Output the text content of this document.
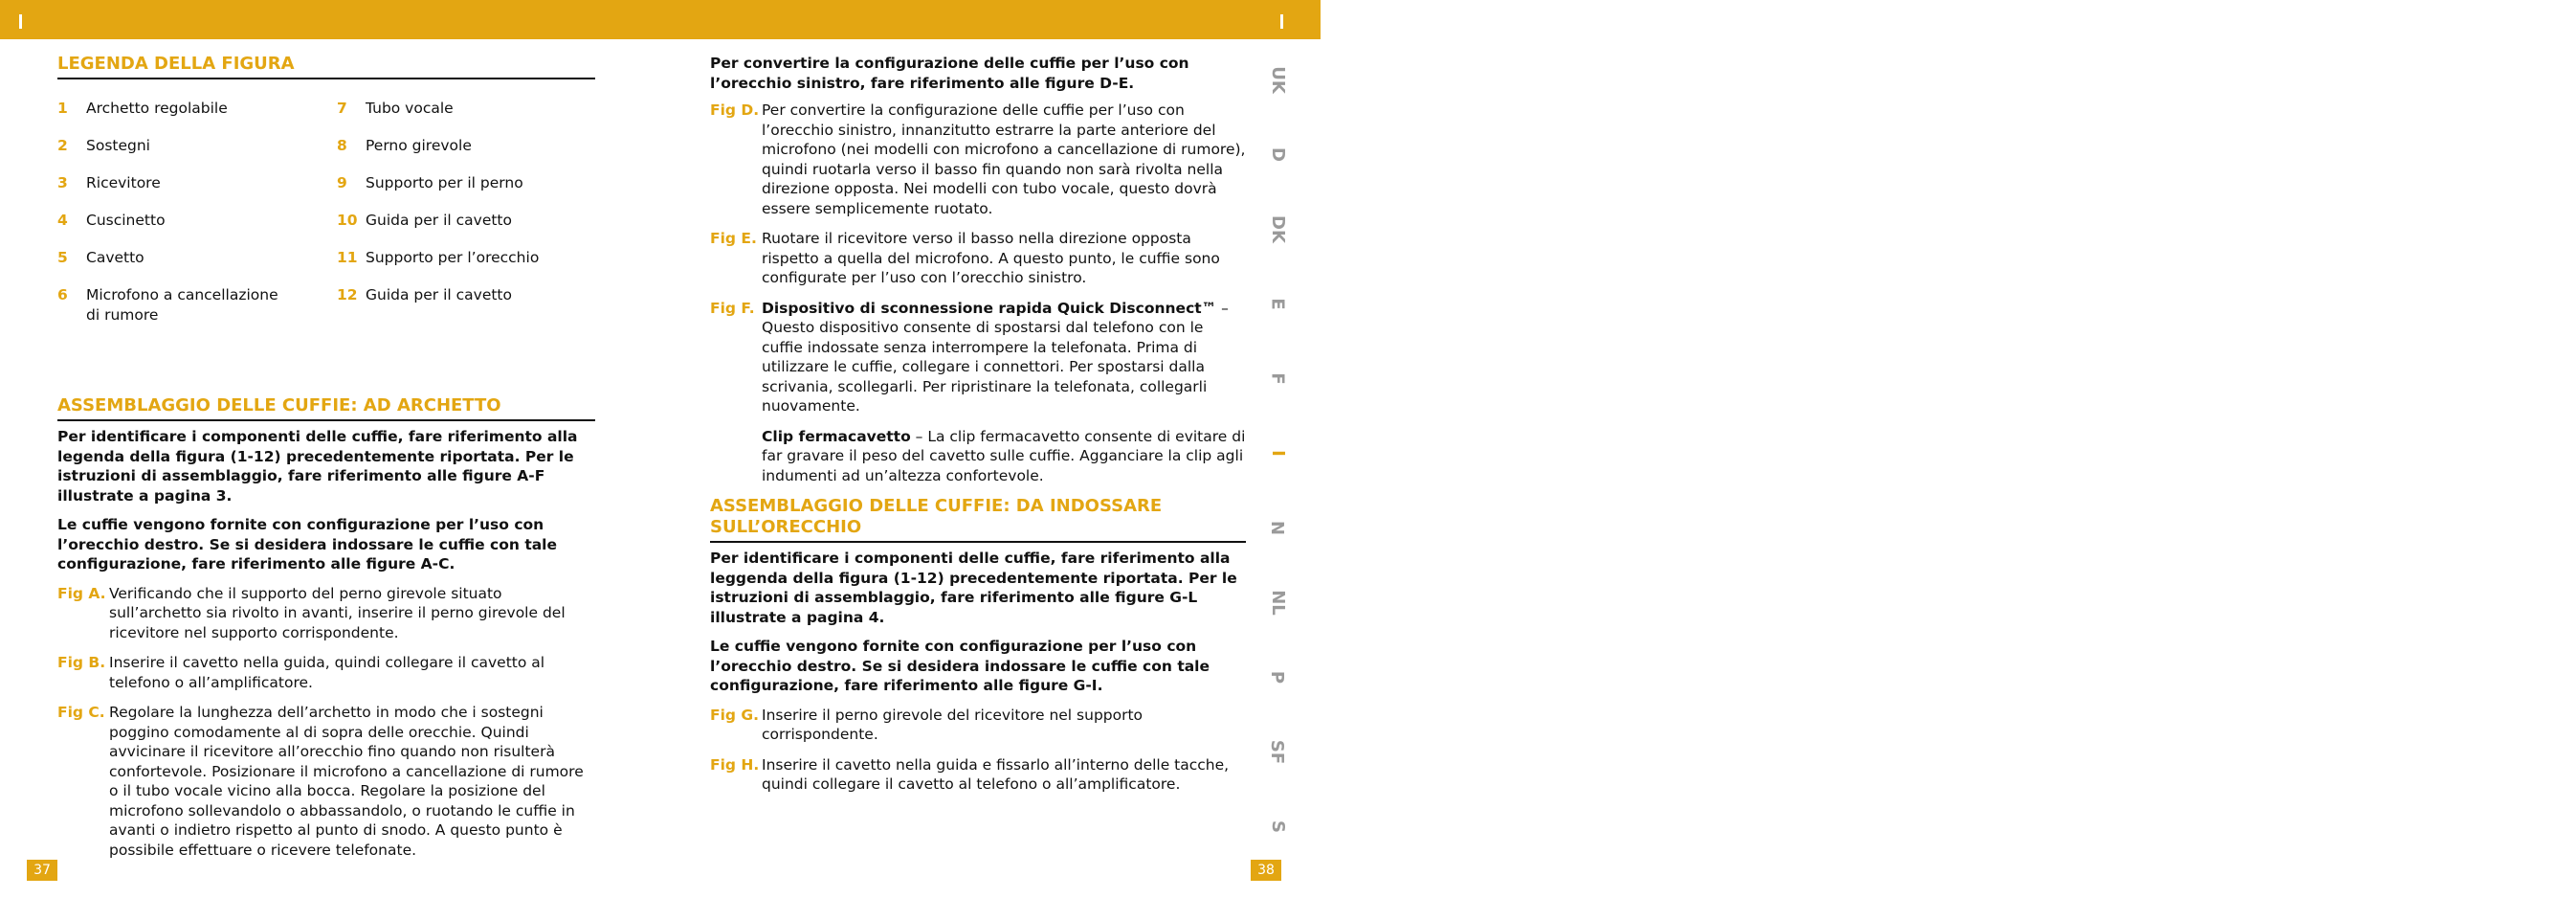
LEGENDA DELLA FIGURA
1	Archetto regolabile
2	Sostegni
3	Ricevitore
4	Cuscinetto
5	Cavetto
6	Microfono a cancellazione di rumore
7	Tubo vocale
8	Perno girevole
9	Supporto per il perno
10 Guida per il cavetto
11 Supporto per l’orecchio
12 Guida per il cavetto
ASSEMBLAGGIO DELLE CUFFIE: AD ARCHETTO

Per identificare i componenti delle cuffie, fare riferimento alla legenda della figura (1-12) precedentemente riportata. Per le istruzioni di assemblaggio, fare riferimento alle figure A-F illustrate a pagina 3.

Le cuffie vengono fornite con configurazione per l’uso con l’orecchio destro. Se si desidera indossare le cuffie con tale configurazione, fare riferimento alle figure A-C.

Fig A. Verificando che il supporto del perno girevole situato sull’archetto sia rivolto in avanti, inserire il perno girevole del ricevitore nel supporto corrispondente.
Fig B. Inserire il cavetto nella guida, quindi collegare il cavetto al telefono o all’amplificatore.
Fig C. Regolare la lunghezza dell’archetto in modo che i sostegni poggino comodamente al di sopra delle orecchie. Quindi avvicinare il ricevitore all’orecchio fino quando non risulterà confortevole. Posizionare il microfono a cancellazione di rumore o il tubo vocale vicino alla bocca. Regolare la posizione del microfono sollevandolo o abbassandolo, o ruotando le cuffie in avanti o indietro rispetto al punto di snodo. A questo punto è possibile effettuare o ricevere telefonate.
37

Per convertire la configurazione delle cuffie per l’uso con l’orecchio sinistro, fare riferimento alle figure D-E.

Fig D. Per convertire la configurazione delle cuffie per l’uso con l’orecchio sinistro, innanzitutto estrarre la parte anteriore del microfono (nei modelli con microfono a cancellazione di rumore), quindi ruotarla verso il basso fin quando non sarà rivolta nella direzione opposta. Nei modelli con tubo vocale, questo dovrà essere semplicemente ruotato.
Fig E. Ruotare il ricevitore verso il basso nella direzione opposta rispetto a quella del microfono. A questo punto, le cuffie sono configurate per l’uso con l’orecchio sinistro.
Fig F. Dispositivo di sconnessione rapida Quick Disconnect™ – Questo dispositivo consente di spostarsi dal telefono con le cuffie indossate senza interrompere la telefonata. Prima di utilizzare le cuffie, collegare i connettori. Per spostarsi dalla scrivania, scollegarli. Per ripristinare la telefonata, collegarli nuovamente.
Clip fermacavetto – La clip fermacavetto consente di evitare di far gravare il peso del cavetto sulle cuffie. Agganciare la clip agli indumenti ad un’altezza confortevole.
ASSEMBLAGGIO DELLE CUFFIE: DA INDOSSARE SULL’ORECCHIO

Per identificare i componenti delle cuffie, fare riferimento alla leggenda della figura (1-12) precedentemente riportata. Per le istruzioni di assemblaggio, fare riferimento alle figure G-L illustrate a pagina 4.

Le cuffie vengono fornite con configurazione per l’uso con l’orecchio destro. Se si desidera indossare le cuffie con tale configurazione, fare riferimento alle figure G-I.

Fig G. Inserire il perno girevole del ricevitore nel supporto corrispondente.
Fig H. Inserire il cavetto nella guida e fissarlo all’interno delle tacche, quindi collegare il cavetto al telefono o all’amplificatore.
38
UK
D
DK
E
F
I
N
NL
P
SF
S
